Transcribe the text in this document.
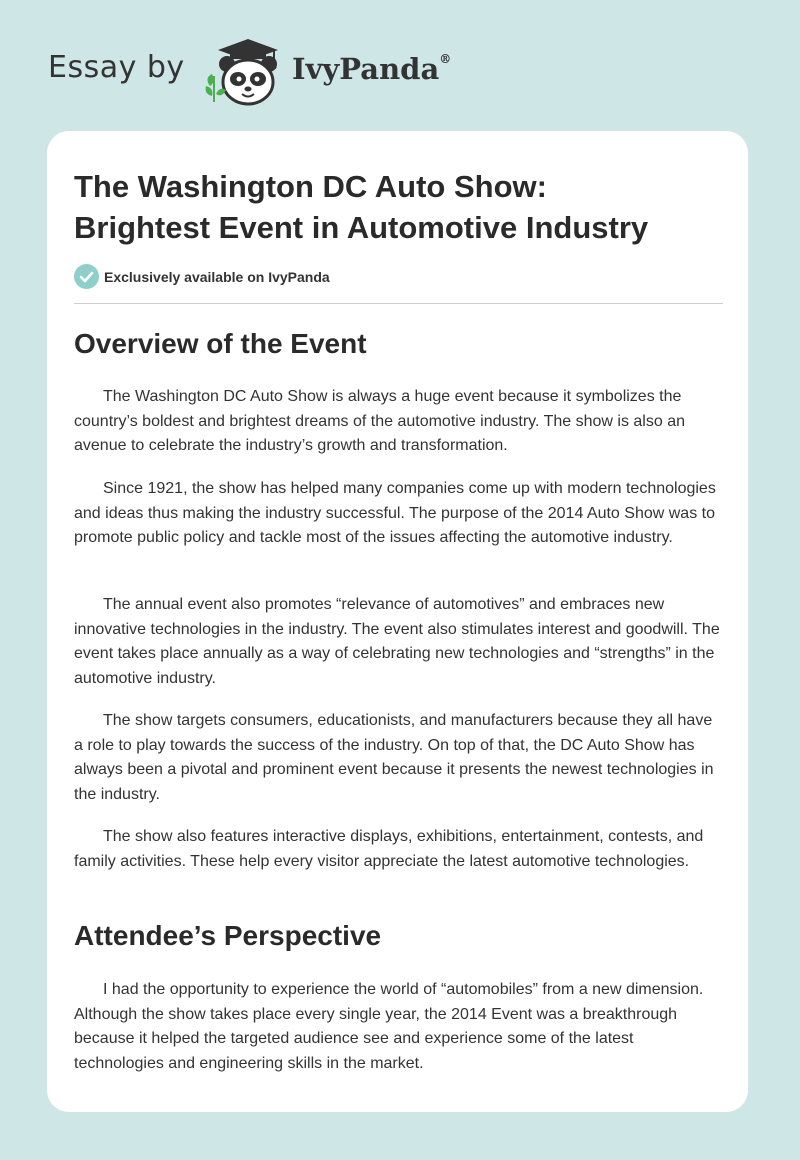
Essay by	IvyPanda®
The Washington DC Auto Show:
Brightest Event in Automotive Industry
Exclusively available on IvyPanda
Overview of the Event

The Washington DC Auto Show is always a huge event because it symbolizes the country’s boldest and brightest dreams of the automotive industry. The show is also an avenue to celebrate the industry’s growth and transformation.

Since 1921, the show has helped many companies come up with modern technologies and ideas thus making the industry successful. The purpose of the 2014 Auto Show was to promote public policy and tackle most of the issues affecting the automotive industry.

The annual event also promotes “relevance of automotives” and embraces new innovative technologies in the industry. The event also stimulates interest and goodwill. The event takes place annually as a way of celebrating new technologies and “strengths” in the automotive industry.

The show targets consumers, educationists, and manufacturers because they all have a role to play towards the success of the industry. On top of that, the DC Auto Show has always been a pivotal and prominent event because it presents the newest technologies in the industry.

The show also features interactive displays, exhibitions, entertainment, contests, and family activities. These help every visitor appreciate the latest automotive technologies.

Attendee’s Perspective

I had the opportunity to experience the world of “automobiles” from a new dimension. Although the show takes place every single year, the 2014 Event was a breakthrough because it helped the targeted audience see and experience some of the latest technologies and engineering skills in the market.
